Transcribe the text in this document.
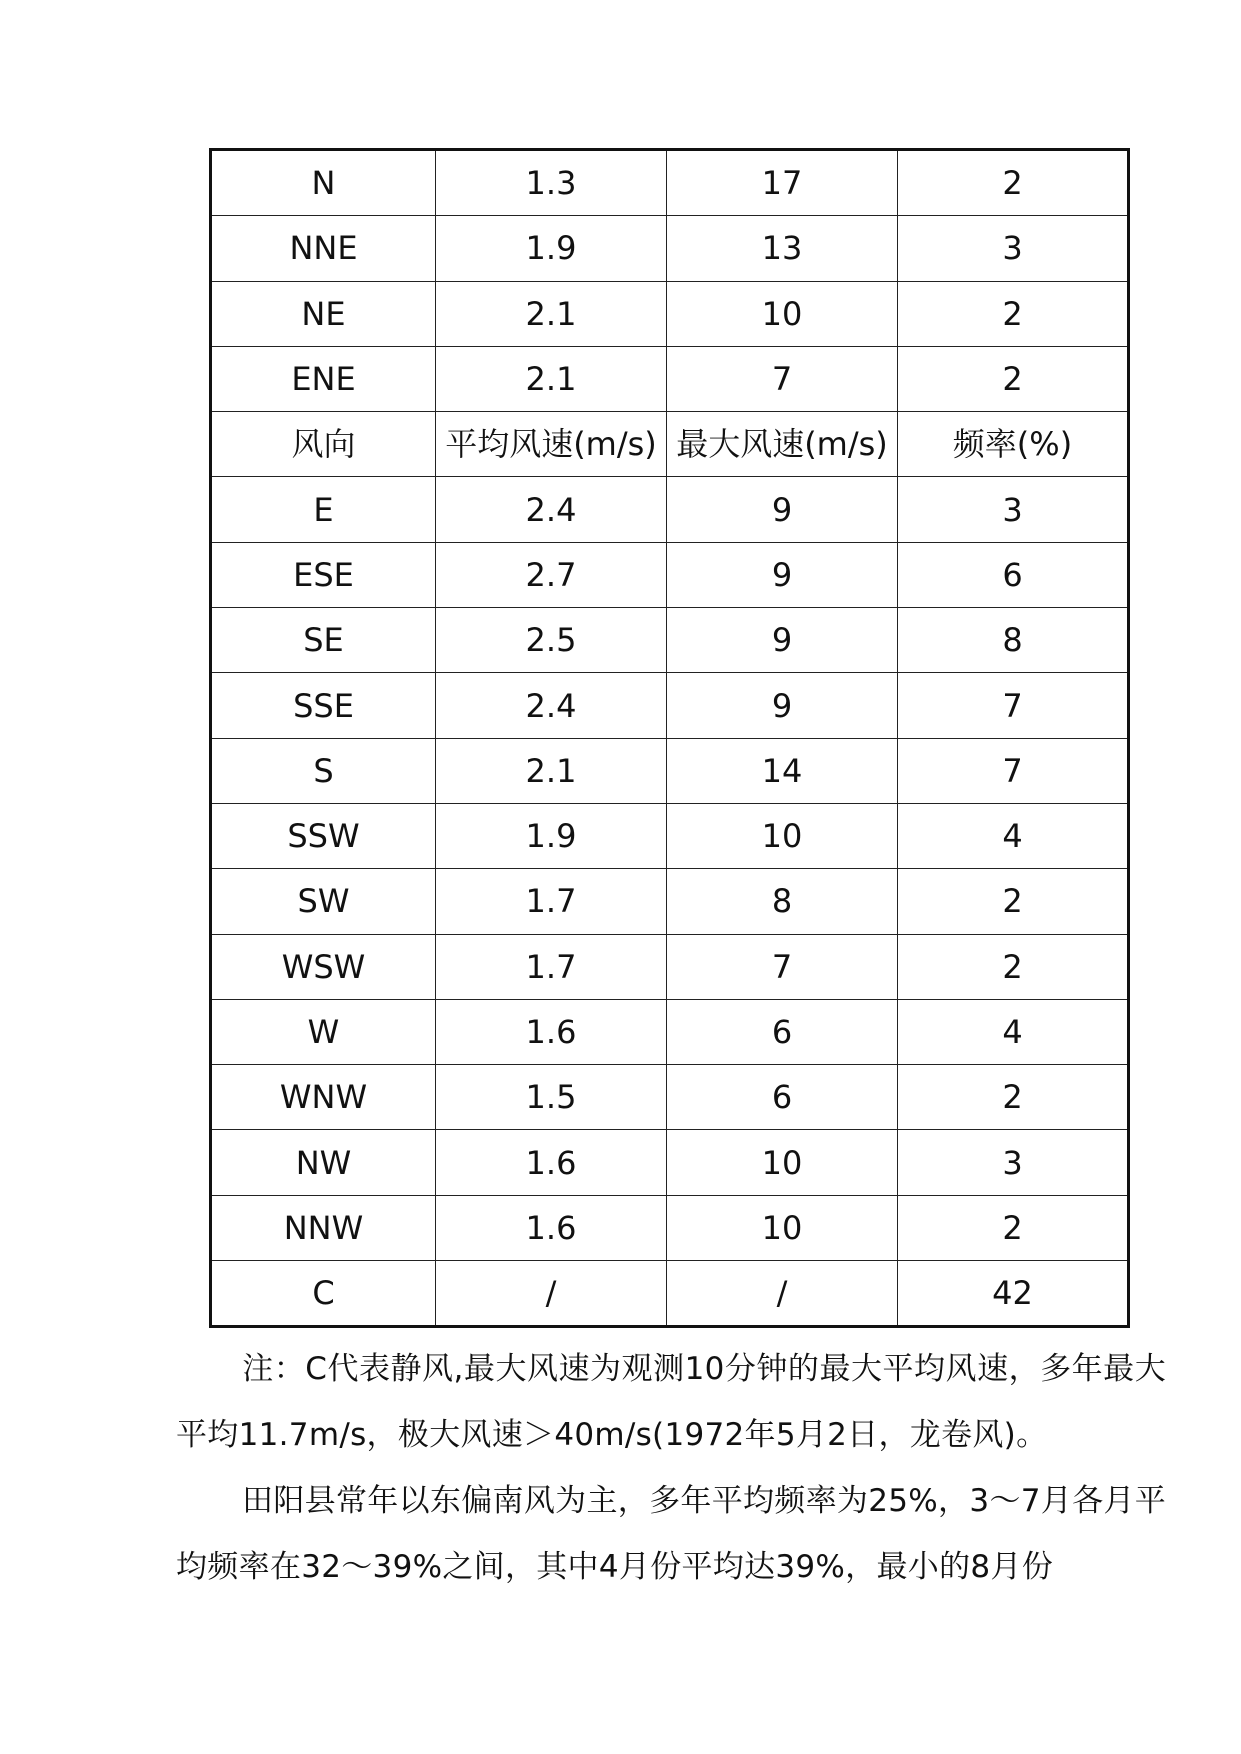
N	1.3	17	2
NNE	1.9	13	3
NE	2.1	10	2
ENE	2.1	7	2
风向	平均风速(m/s)	最大风速(m/s)	频率(%)
E	2.4	9	3
ESE	2.7	9	6
SE	2.5	9	8
SSE	2.4	9	7
S	2.1	14	7
SSW	1.9	10	4
SW	1.7	8	2
WSW	1.7	7	2
W	1.6	6	4
WNW	1.5	6	2
NW	1.6	10	3
NNW	1.6	10	2
C	/	/	42

注：C代表静风,最大风速为观测10分钟的最大平均风速，多年最大平均11.7m/s，极大风速＞40m/s(1972年5月2日，龙卷风)。

田阳县常年以东偏南风为主，多年平均频率为25%，3～7月各月平均频率在32～39%之间，其中4月份平均达39%，最小的8月份
